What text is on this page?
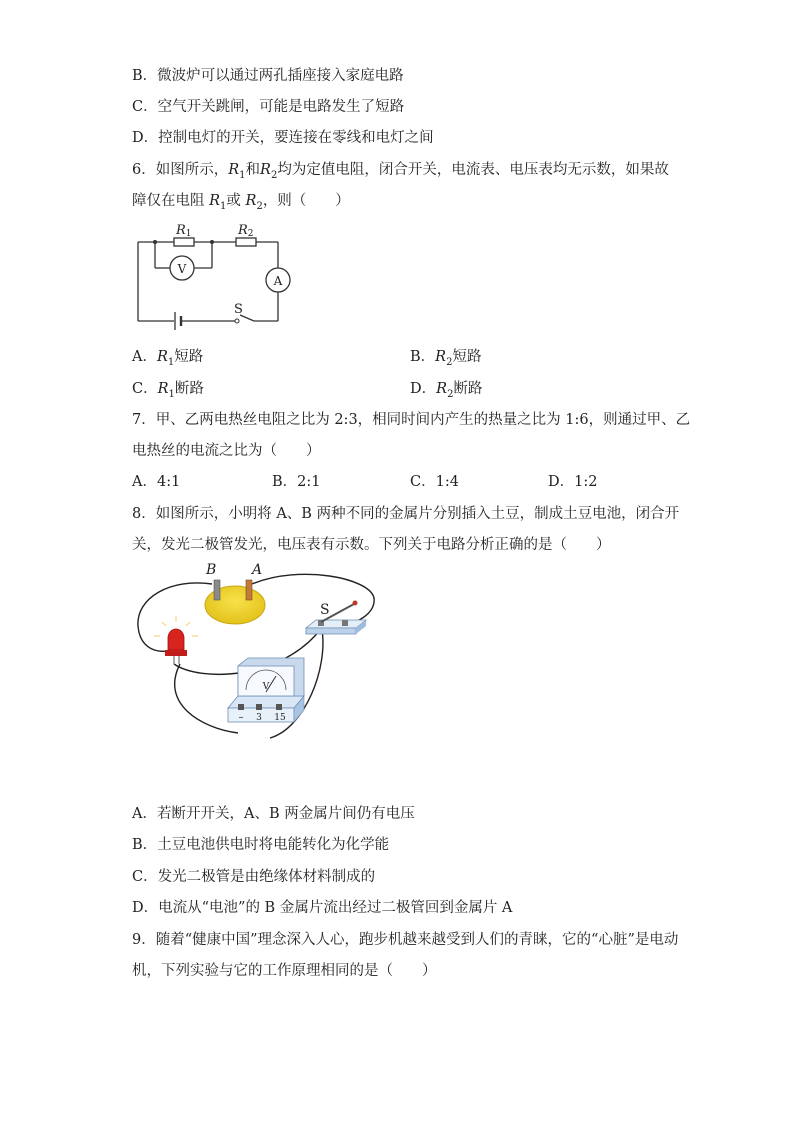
B．微波炉可以通过两孔插座接入家庭电路
C．空气开关跳闸，可能是电路发生了短路
D．控制电灯的开关，要连接在零线和电灯之间
6．如图所示，$R_1$和$R_2$均为定值电阻，闭合开关，电流表、电压表均无示数，如果故
障仅在电阻 $R_1$或 $R_2$，则（　　）
R1	R2
V
A
S
A．$R_1$短路	B．$R_2$短路
C．$R_1$断路	D．$R_2$断路
7．甲、乙两电热丝电阻之比为 2:3，相同时间内产生的热量之比为 1:6，则通过甲、乙
电热丝的电流之比为（　　）
A．4:1	B．2:1	C．1:4	D．1:2
8．如图所示，小明将 A、B 两种不同的金属片分别插入土豆，制成土豆电池，闭合开
关，发光二极管发光，电压表有示数。下列关于电路分析正确的是（　　）
B	A
S
V
– 3 15
A．若断开开关，A、B 两金属片间仍有电压
B．土豆电池供电时将电能转化为化学能
C．发光二极管是由绝缘体材料制成的
D．电流从“电池”的 B 金属片流出经过二极管回到金属片 A
9．随着“健康中国”理念深入人心，跑步机越来越受到人们的青睐，它的“心脏”是电动
机，下列实验与它的工作原理相同的是（　　）
